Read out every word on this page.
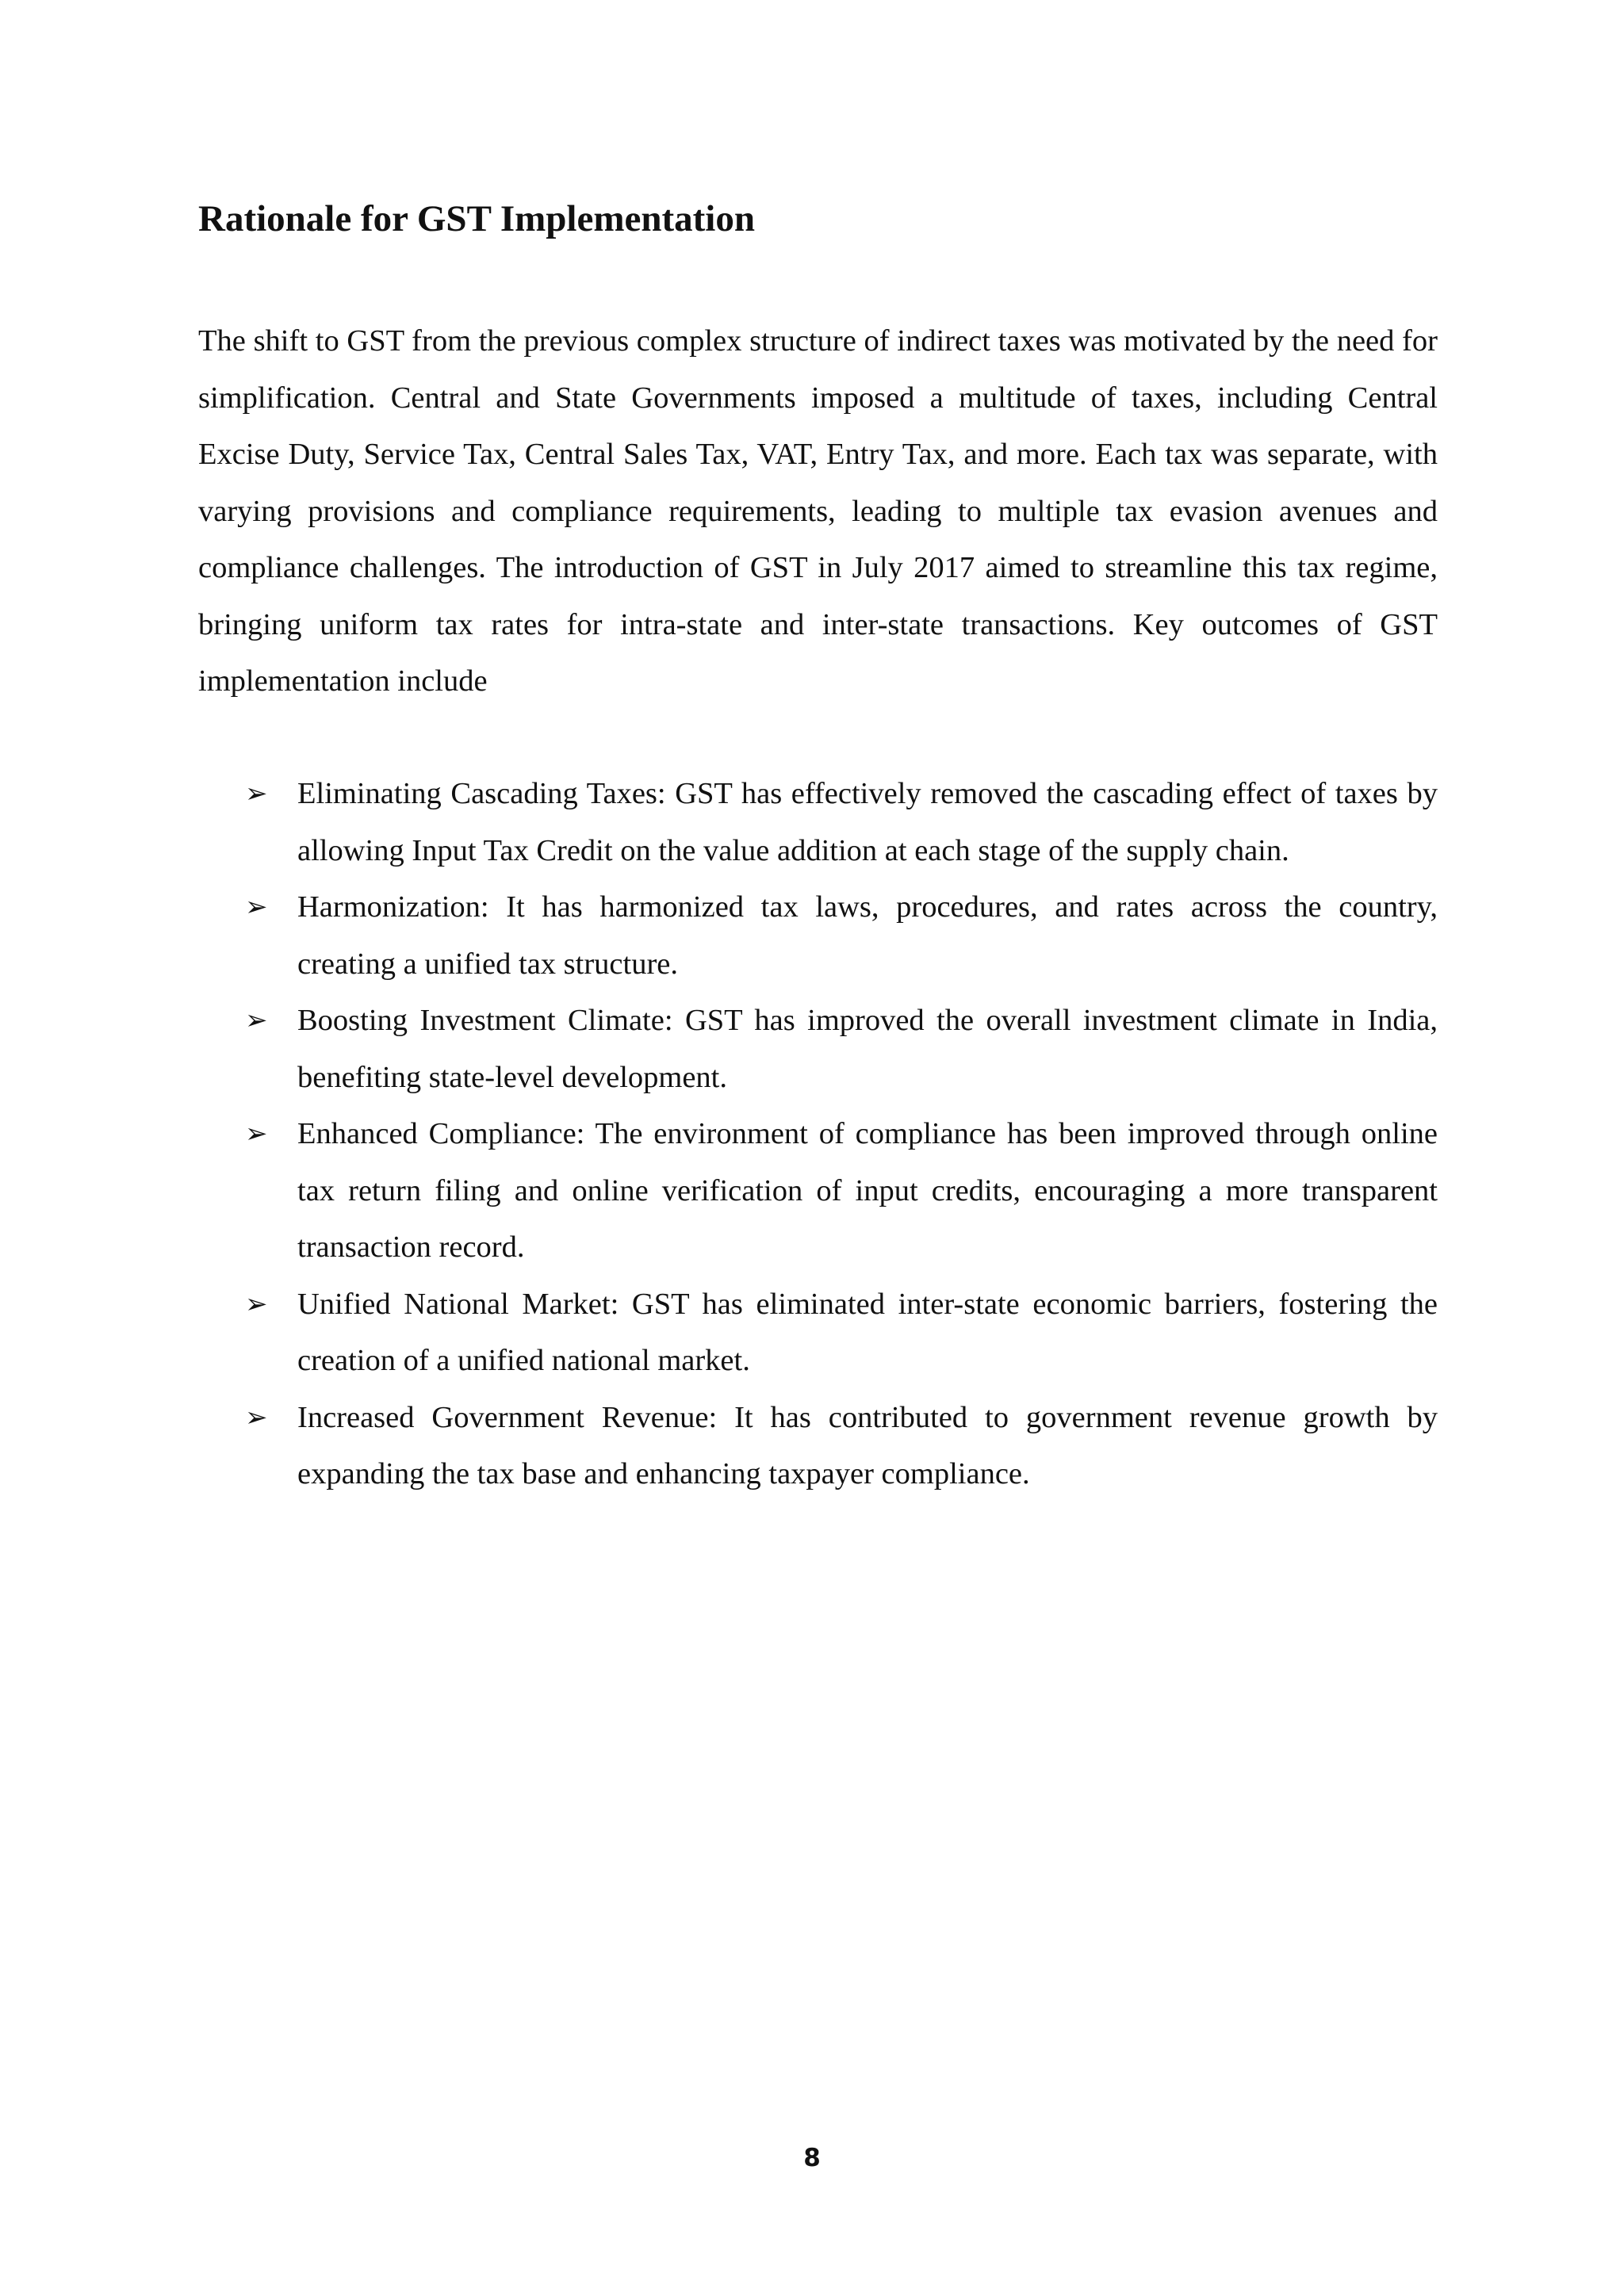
Rationale for GST Implementation

The shift to GST from the previous complex structure of indirect taxes was motivated by the need for simplification. Central and State Governments imposed a multitude of taxes, including Central Excise Duty, Service Tax, Central Sales Tax, VAT, Entry Tax, and more. Each tax was separate, with varying provisions and compliance requirements, leading to multiple tax evasion avenues and compliance challenges. The introduction of GST in July 2017 aimed to streamline this tax regime, bringing uniform tax rates for intra-state and inter-state transactions. Key outcomes of GST implementation include

➢ Eliminating Cascading Taxes: GST has effectively removed the cascading effect of taxes by allowing Input Tax Credit on the value addition at each stage of the supply chain.
➢ Harmonization: It has harmonized tax laws, procedures, and rates across the country, creating a unified tax structure.
➢ Boosting Investment Climate: GST has improved the overall investment climate in India, benefiting state-level development.
➢ Enhanced Compliance: The environment of compliance has been improved through online tax return filing and online verification of input credits, encouraging a more transparent transaction record.
➢ Unified National Market: GST has eliminated inter-state economic barriers, fostering the creation of a unified national market.
➢ Increased Government Revenue: It has contributed to government revenue growth by expanding the tax base and enhancing taxpayer compliance.
8
